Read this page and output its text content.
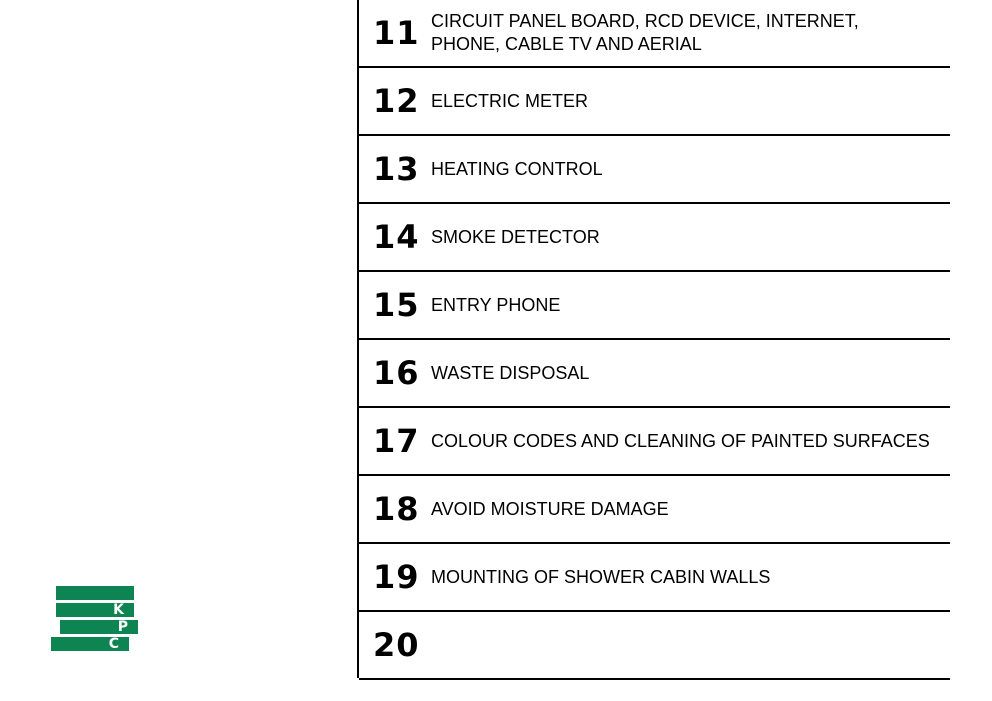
11 CIRCUIT PANEL BOARD, RCD DEVICE, INTERNET,
PHONE, CABLE TV AND AERIAL
12 ELECTRIC METER
13 HEATING CONTROL
14 SMOKE DETECTOR
15 ENTRY PHONE
16 WASTE DISPOSAL
17 COLOUR CODES AND CLEANING OF PAINTED SURFACES
18 AVOID MOISTURE DAMAGE
19 MOUNTING OF SHOWER CABIN WALLS
20
K
P
C
